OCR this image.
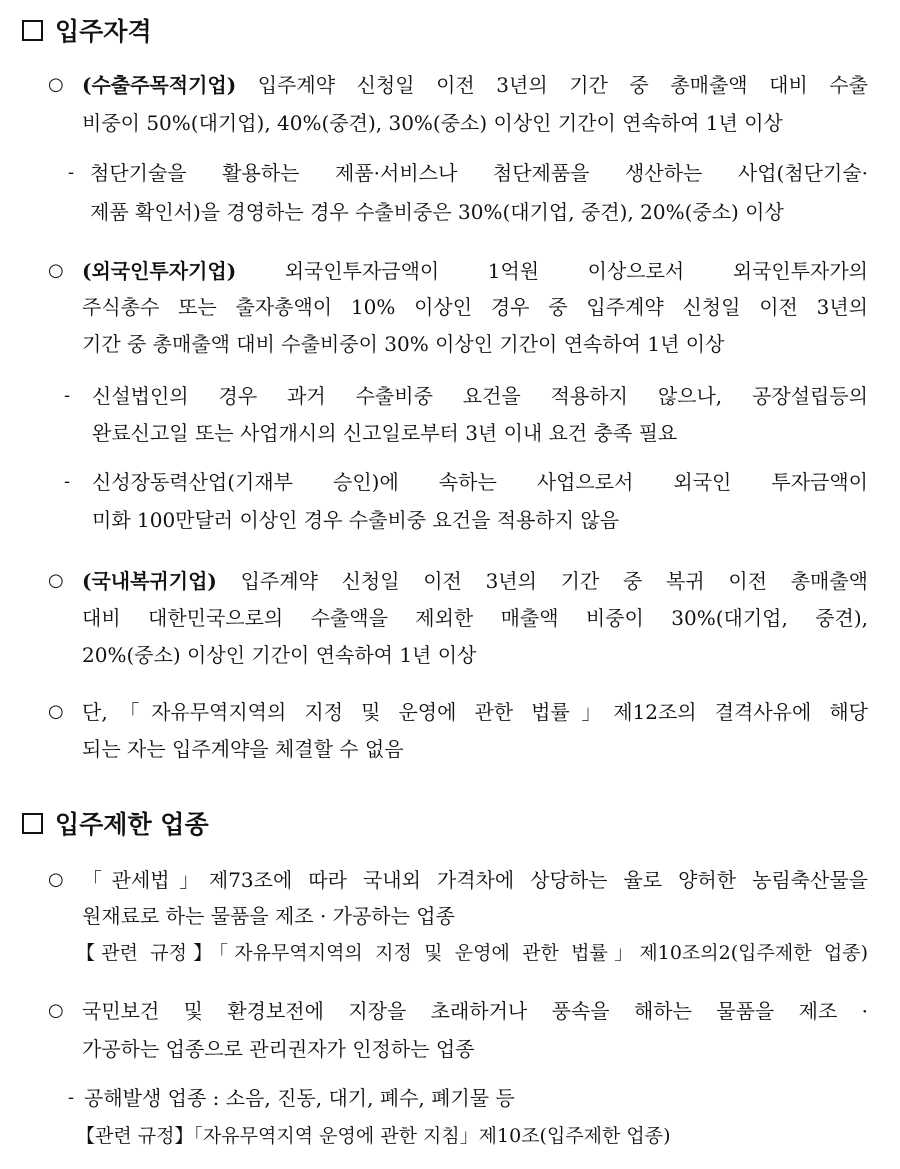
입주자격
○ (수출주목적기업) 입주계약 신청일 이전 3년의 기간 중 총매출액 대비 수출
비중이 50%(대기업), 40%(중견), 30%(중소) 이상인 기간이 연속하여 1년 이상
- 첨단기술을 활용하는 제품·서비스나 첨단제품을 생산하는 사업(첨단기술·
제품 확인서)을 경영하는 경우 수출비중은 30%(대기업, 중견), 20%(중소) 이상
○ (외국인투자기업) 외국인투자금액이 1억원 이상으로서 외국인투자가의
주식총수 또는 출자총액이 10% 이상인 경우 중 입주계약 신청일 이전 3년의
기간 중 총매출액 대비 수출비중이 30% 이상인 기간이 연속하여 1년 이상
- 신설법인의 경우 과거 수출비중 요건을 적용하지 않으나, 공장설립등의
완료신고일 또는 사업개시의 신고일로부터 3년 이내 요건 충족 필요
- 신성장동력산업(기재부 승인)에 속하는 사업으로서 외국인 투자금액이
미화 100만달러 이상인 경우 수출비중 요건을 적용하지 않음
○ (국내복귀기업) 입주계약 신청일 이전 3년의 기간 중 복귀 이전 총매출액
대비 대한민국으로의 수출액을 제외한 매출액 비중이 30%(대기업, 중견),
20%(중소) 이상인 기간이 연속하여 1년 이상
○ 단,「자유무역지역의 지정 및 운영에 관한 법률」제12조의 결격사유에 해당
되는 자는 입주계약을 체결할 수 없음
입주제한 업종
○ 「관세법」제73조에 따라 국내외 가격차에 상당하는 율로 양허한 농림축산물을
원재료로 하는 물품을 제조 · 가공하는 업종
【관련 규정】「자유무역지역의 지정 및 운영에 관한 법률」제10조의2(입주제한 업종)
○ 국민보건 및 환경보전에 지장을 초래하거나 풍속을 해하는 물품을 제조 ·
가공하는 업종으로 관리권자가 인정하는 업종
- 공해발생 업종 : 소음, 진동, 대기, 폐수, 폐기물 등
【관련 규정】「자유무역지역 운영에 관한 지침」제10조(입주제한 업종)
